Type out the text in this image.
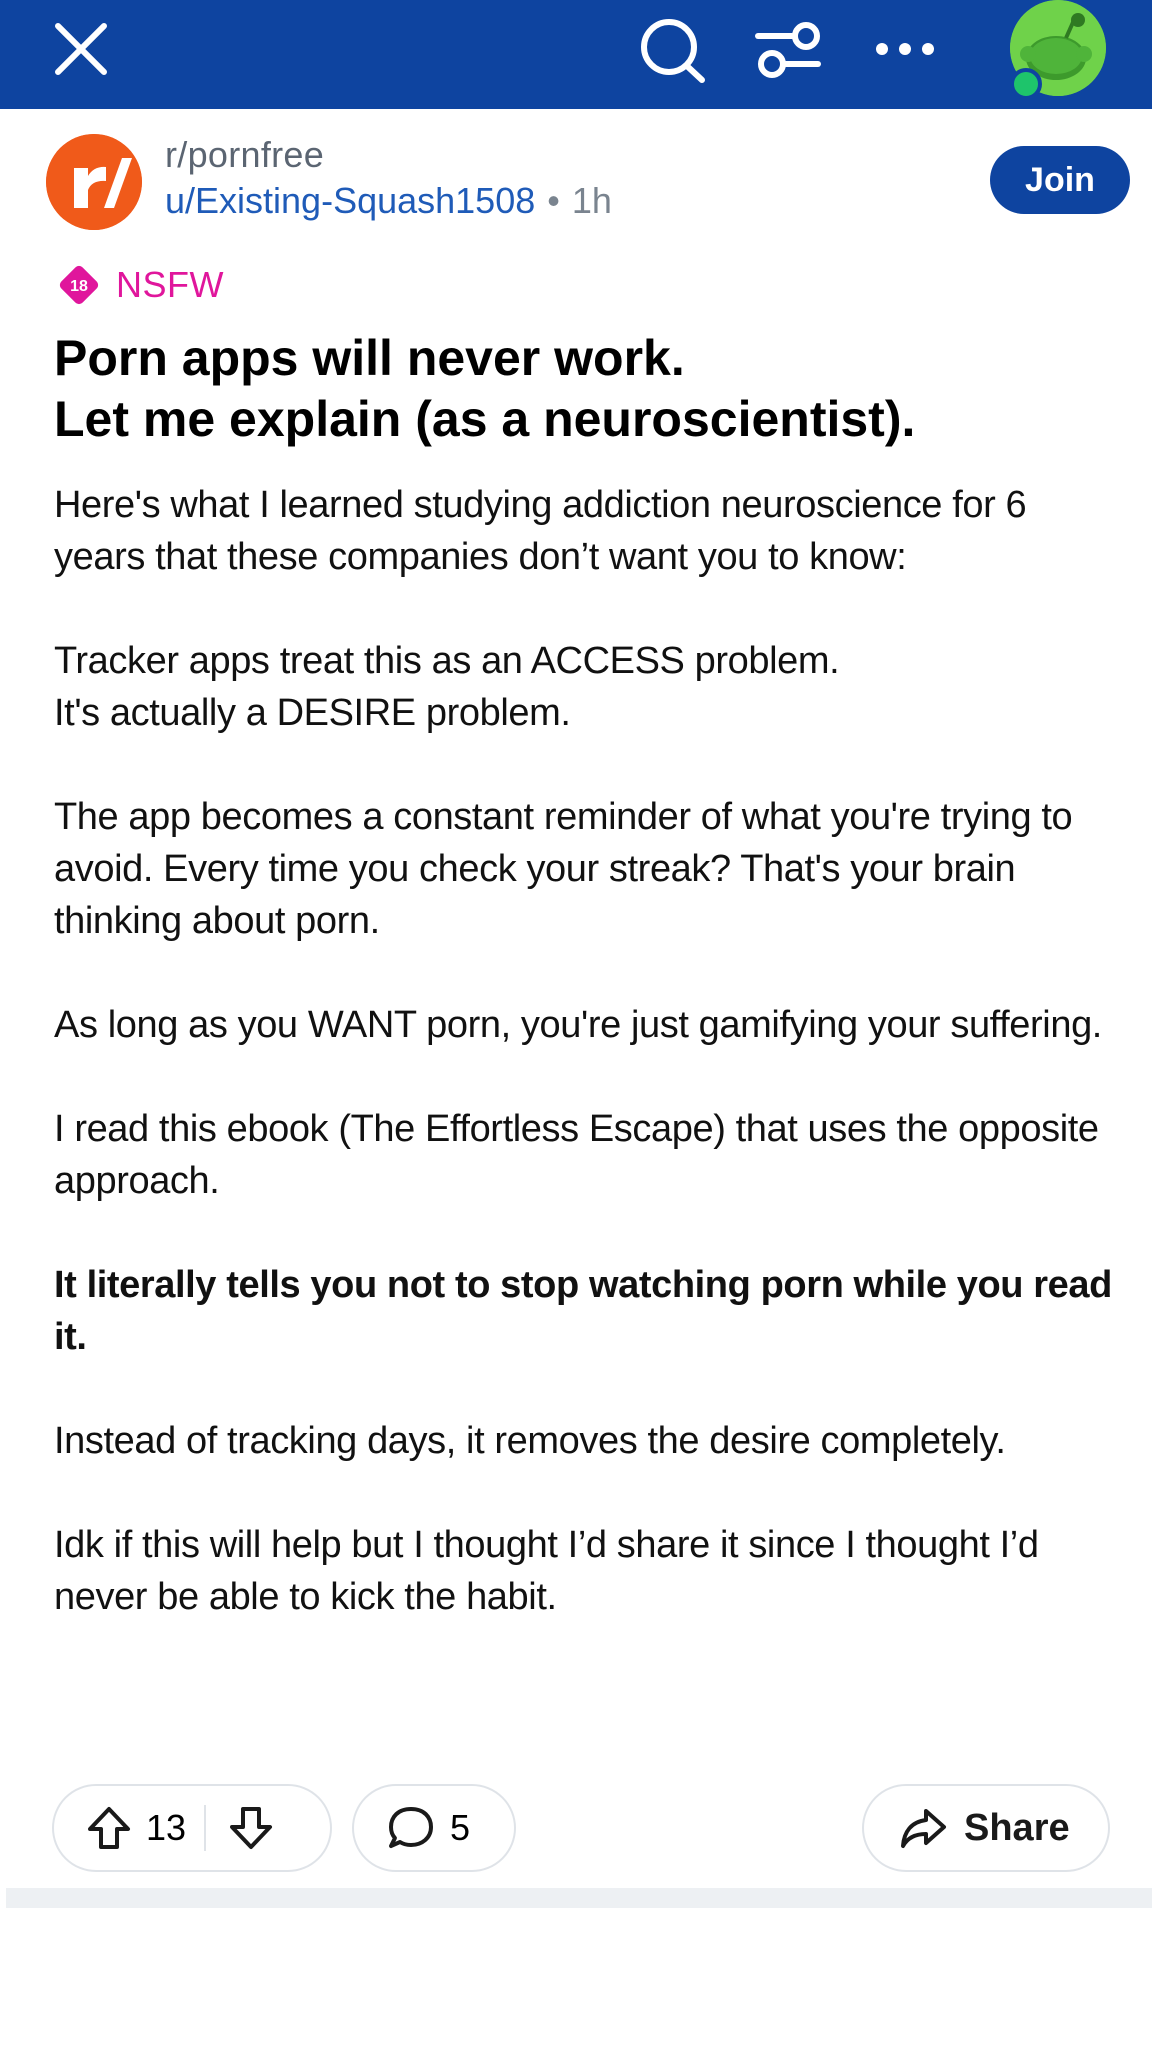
r/pornfree
u/Existing-Squash1508 • 1h
Join
18 NSFW
Porn apps will never work.
Let me explain (as a neuroscientist).

Here's what I learned studying addiction neuroscience for 6 years that these companies don’t want you to know:

Tracker apps treat this as an ACCESS problem.
It's actually a DESIRE problem.

The app becomes a constant reminder of what you're trying to avoid. Every time you check your streak? That's your brain thinking about porn.

As long as you WANT porn, you're just gamifying your suffering.

I read this ebook (The Effortless Escape) that uses the opposite approach.

It literally tells you not to stop watching porn while you read it.

Instead of tracking days, it removes the desire completely.

Idk if this will help but I thought I’d share it since I thought I’d never be able to kick the habit.

13	5	Share
